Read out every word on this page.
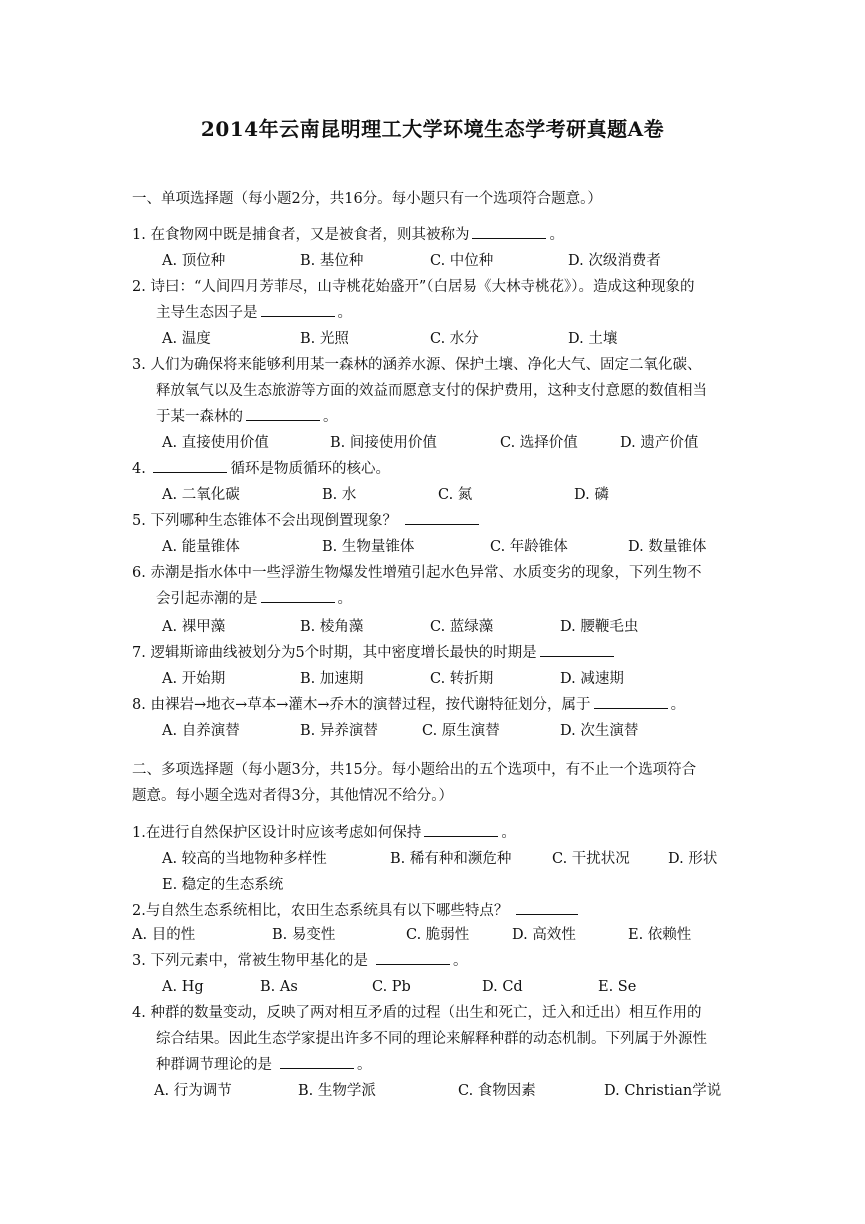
2014年云南昆明理工大学环境生态学考研真题A卷
一、单项选择题（每小题2分，共16分。每小题只有一个选项符合题意。）
1. 在食物网中既是捕食者，又是被食者，则其被称为	。
A. 顶位种	B. 基位种	C. 中位种	D. 次级消费者
2. 诗曰：“人间四月芳菲尽，山寺桃花始盛开”（白居易《大林寺桃花》）。造成这种现象的
主导生态因子是	。
A. 温度	B. 光照	C. 水分	D. 土壤
3. 人们为确保将来能够利用某一森林的涵养水源、保护土壤、净化大气、固定二氧化碳、
释放氧气以及生态旅游等方面的效益而愿意支付的保护费用，这种支付意愿的数值相当
于某一森林的	。
A. 直接使用价值	B. 间接使用价值	C. 选择价值	D. 遗产价值
4.	循环是物质循环的核心。
A. 二氧化碳	B. 水	C. 氮	D. 磷
5. 下列哪种生态锥体不会出现倒置现象？
A. 能量锥体	B. 生物量锥体	C. 年龄锥体	D. 数量锥体
6. 赤潮是指水体中一些浮游生物爆发性增殖引起水色异常、水质变劣的现象，下列生物不
会引起赤潮的是	。
A. 裸甲藻	B. 棱角藻	C. 蓝绿藻	D. 腰鞭毛虫
7. 逻辑斯谛曲线被划分为5个时期，其中密度增长最快的时期是
A. 开始期	B. 加速期	C. 转折期	D. 减速期
8. 由裸岩→地衣→草本→灌木→乔木的演替过程，按代谢特征划分，属于	。
A. 自养演替	B. 异养演替	C. 原生演替	D. 次生演替
二、多项选择题（每小题3分，共15分。每小题给出的五个选项中，有不止一个选项符合
题意。每小题全选对者得3分，其他情况不给分。）
1.在进行自然保护区设计时应该考虑如何保持	。
A. 较高的当地物种多样性	B. 稀有种和濒危种	C. 干扰状况	D. 形状
E. 稳定的生态系统
2.与自然生态系统相比，农田生态系统具有以下哪些特点？
A. 目的性	B. 易变性	C. 脆弱性	D. 高效性	E. 依赖性
3. 下列元素中，常被生物甲基化的是	。
A. Hg	B. As	C. Pb	D. Cd	E. Se
4. 种群的数量变动，反映了两对相互矛盾的过程（出生和死亡，迁入和迁出）相互作用的
综合结果。因此生态学家提出许多不同的理论来解释种群的动态机制。下列属于外源性
种群调节理论的是	。
A. 行为调节	B. 生物学派	C. 食物因素	D. Christian学说
